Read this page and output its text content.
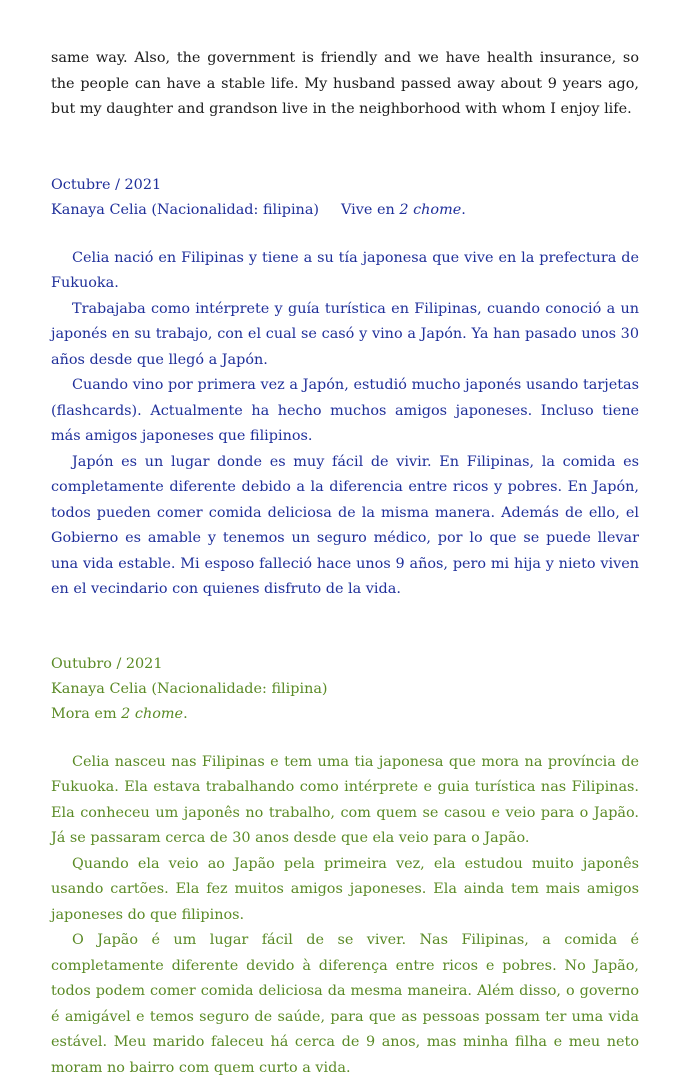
same way. Also, the government is friendly and we have health insurance, so the people can have a stable life. My husband passed away about 9 years ago, but my daughter and grandson live in the neighborhood with whom I enjoy life.

Octubre / 2021
Kanaya Celia (Nacionalidad: filipina) Vive en 2 chome.

Celia nació en Filipinas y tiene a su tía japonesa que vive en la prefectura de Fukuoka.

Trabajaba como intérprete y guía turística en Filipinas, cuando conoció a un japonés en su trabajo, con el cual se casó y vino a Japón. Ya han pasado unos 30 años desde que llegó a Japón.

Cuando vino por primera vez a Japón, estudió mucho japonés usando tarjetas (flashcards). Actualmente ha hecho muchos amigos japoneses. Incluso tiene más amigos japoneses que filipinos.

Japón es un lugar donde es muy fácil de vivir. En Filipinas, la comida es completamente diferente debido a la diferencia entre ricos y pobres. En Japón, todos pueden comer comida deliciosa de la misma manera. Además de ello, el Gobierno es amable y tenemos un seguro médico, por lo que se puede llevar una vida estable. Mi esposo falleció hace unos 9 años, pero mi hija y nieto viven en el vecindario con quienes disfruto de la vida.

Outubro / 2021
Kanaya Celia (Nacionalidade: filipina)
Mora em 2 chome.

Celia nasceu nas Filipinas e tem uma tia japonesa que mora na província de Fukuoka. Ela estava trabalhando como intérprete e guia turística nas Filipinas. Ela conheceu um japonês no trabalho, com quem se casou e veio para o Japão. Já se passaram cerca de 30 anos desde que ela veio para o Japão.

Quando ela veio ao Japão pela primeira vez, ela estudou muito japonês usando cartões. Ela fez muitos amigos japoneses. Ela ainda tem mais amigos japoneses do que filipinos.

O Japão é um lugar fácil de se viver. Nas Filipinas, a comida é completamente diferente devido à diferença entre ricos e pobres. No Japão, todos podem comer comida deliciosa da mesma maneira. Além disso, o governo é amigável e temos seguro de saúde, para que as pessoas possam ter uma vida estável. Meu marido faleceu há cerca de 9 anos, mas minha filha e meu neto moram no bairro com quem curto a vida.
